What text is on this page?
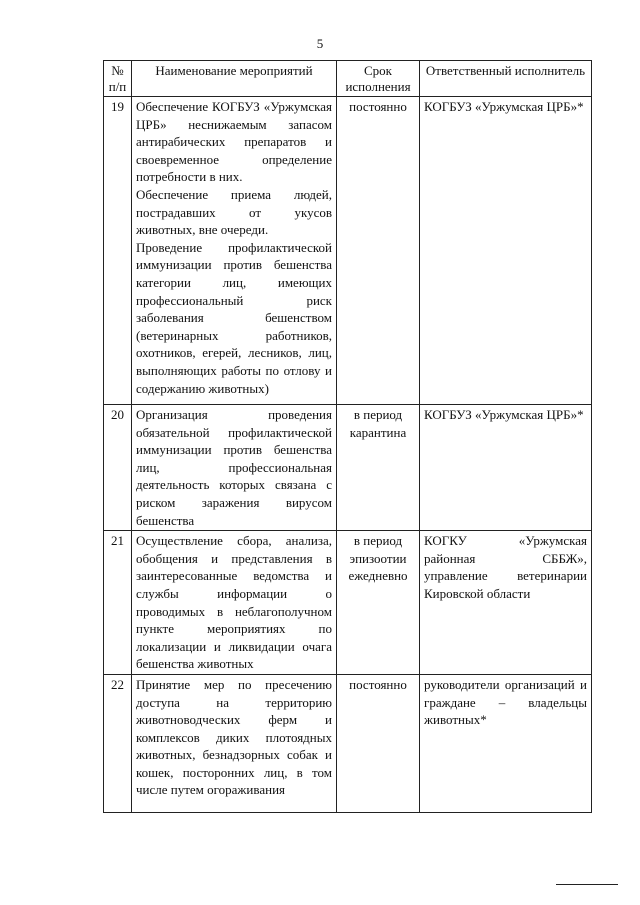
5
№ п/п	Наименование мероприятий	Срок исполнения	Ответственный исполнитель
19	Обеспечение КОГБУЗ «Уржумская ЦРБ» неснижаемым запасом антирабических препаратов и своевременное определение потребности в них.
Обеспечение приема людей, пострадавших от укусов животных, вне очереди.
Проведение профилактической иммунизации против бешенства категории лиц, имеющих профессиональный риск заболевания бешенством (ветеринарных работников, охотников, егерей, лесников, лиц, выполняющих работы по отлову и содержанию животных)	постоянно	КОГБУЗ «Уржумская ЦРБ»*
20	Организация проведения обязательной профилактической иммунизации против бешенства лиц, профессиональная деятельность которых связана с риском заражения вирусом бешенства	в период карантина	КОГБУЗ «Уржумская ЦРБ»*
21	Осуществление сбора, анализа, обобщения и представления в заинтересованные ведомства и службы информации о проводимых в неблагополучном пункте мероприятиях по локализации и ликвидации очага бешенства животных	в период эпизоотии ежедневно	КОГКУ «Уржумская районная СББЖ», управление ветеринарии Кировской области
22	Принятие мер по пресечению доступа на территорию животноводческих ферм и комплексов диких плотоядных животных, безнадзорных собак и кошек, посторонних лиц, в том числе путем огораживания	постоянно	руководители организаций и граждане – владельцы животных*
